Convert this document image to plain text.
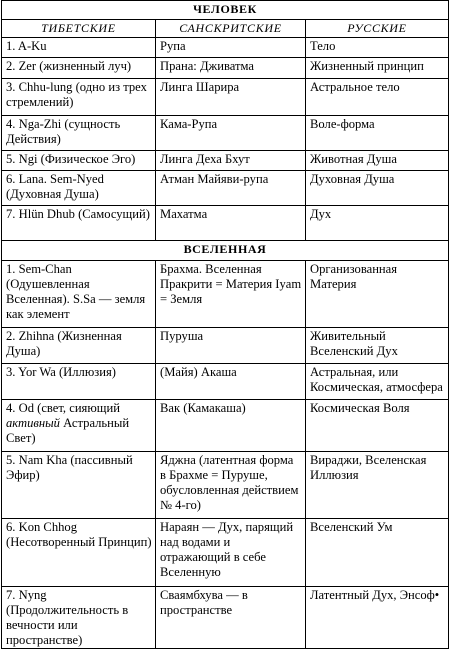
ЧЕЛОВЕК		
ТИБЕТСКИЕ	САНСКРИТСКИЕ	РУССКИЕ
1. A-Ku	Рупа	Тело
2. Zer (жизненный луч)	Прана: Дживатма	Жизненный принцип
3. Chhu-lung (одно из трех стремлений)	Линга Шарира	Астральное тело
4. Nga-Zhi (сущность Действия)	Кама-Рупа	Воле-форма
5. Ngi (Физическое Эго)	Линга Деха Бхут	Животная Душа
6. Lana. Sem-Nyed (Духовная Душа)	Атман Майяви-рупа	Духовная Душа
7. Hlün Dhub (Самосущий)	Махатма	Дух
ВСЕЛЕННАЯ		
1. Sem-Chan (Одушевленная Вселенная). S.Sa — земля как элемент	Брахма. Вселенная Пракрити = Материя Iyam = Земля	Организованная Материя
2. Zhihna (Жизненная Душа)	Пуруша	Живительный Вселенский Дух
3. Yor Wa (Иллюзия)	(Майя) Акаша	Астральная, или Космическая, атмосфера
4. Od (свет, сияющий активный Астральный Свет)	Вак (Камакаша)	Космическая Воля
5. Nam Kha (пассивный Эфир)	Яджна (латентная форма в Брахме = Пуруше, обусловленная действием № 4-го)	Вираджи, Вселенская Иллюзия
6. Kon Chhog (Несотворенный Принцип)	Нараян — Дух, парящий над водами и отражающий в себе Вселенную	Вселенский Ум
7. Nyng (Продолжительность в вечности или пространстве)	Сваямбхува — в пространстве	Латентный Дух, Энсоф•
